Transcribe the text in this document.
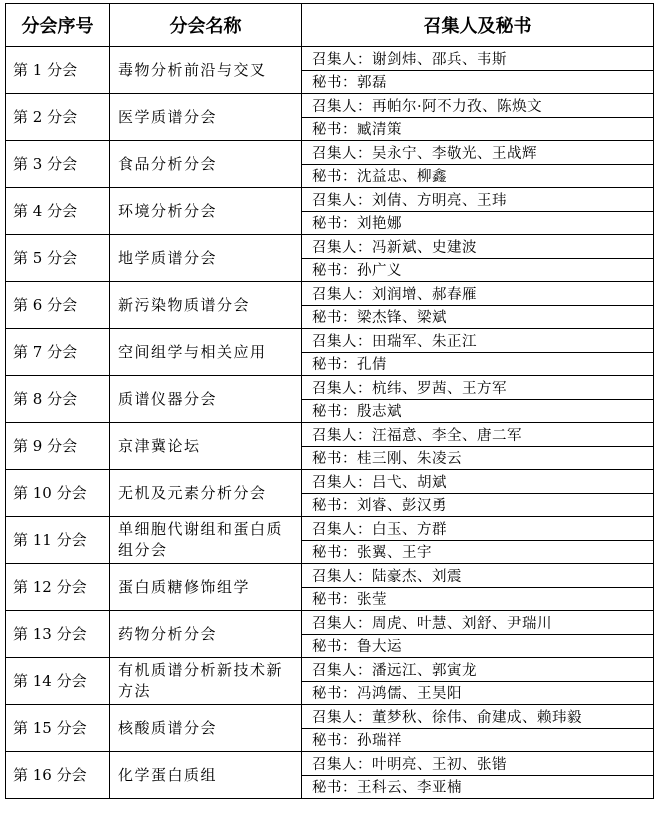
分会序号	分会名称	召集人及秘书
第 1 分会	毒物分析前沿与交叉	召集人：谢剑炜、邵兵、韦斯
		秘书：郭磊
第 2 分会	医学质谱分会	召集人：再帕尔·阿不力孜、陈焕文
		秘书：臧清策
第 3 分会	食品分析分会	召集人：吴永宁、李敬光、王战辉
		秘书：沈益忠、柳鑫
第 4 分会	环境分析分会	召集人：刘倩、方明亮、王玮
		秘书：刘艳娜
第 5 分会	地学质谱分会	召集人：冯新斌、史建波
		秘书：孙广义
第 6 分会	新污染物质谱分会	召集人：刘润增、郝春雁
		秘书：梁杰锋、梁斌
第 7 分会	空间组学与相关应用	召集人：田瑞军、朱正江
		秘书：孔倩
第 8 分会	质谱仪器分会	召集人：杭纬、罗茜、王方军
		秘书：殷志斌
第 9 分会	京津冀论坛	召集人：汪福意、李全、唐二军
		秘书：桂三刚、朱凌云
第 10 分会	无机及元素分析分会	召集人：吕弋、胡斌
		秘书：刘睿、彭汉勇
第 11 分会	单细胞代谢组和蛋白质组分会	召集人：白玉、方群
		秘书：张翼、王宇
第 12 分会	蛋白质糖修饰组学	召集人：陆豪杰、刘震
		秘书：张莹
第 13 分会	药物分析分会	召集人：周虎、叶慧、刘舒、尹瑞川
		秘书：鲁大运
第 14 分会	有机质谱分析新技术新方法	召集人：潘远江、郭寅龙
		秘书：冯鸿儒、王昊阳
第 15 分会	核酸质谱分会	召集人：董梦秋、徐伟、俞建成、赖玮毅
		秘书：孙瑞祥
第 16 分会	化学蛋白质组	召集人：叶明亮、王初、张锴
		秘书：王科云、李亚楠
